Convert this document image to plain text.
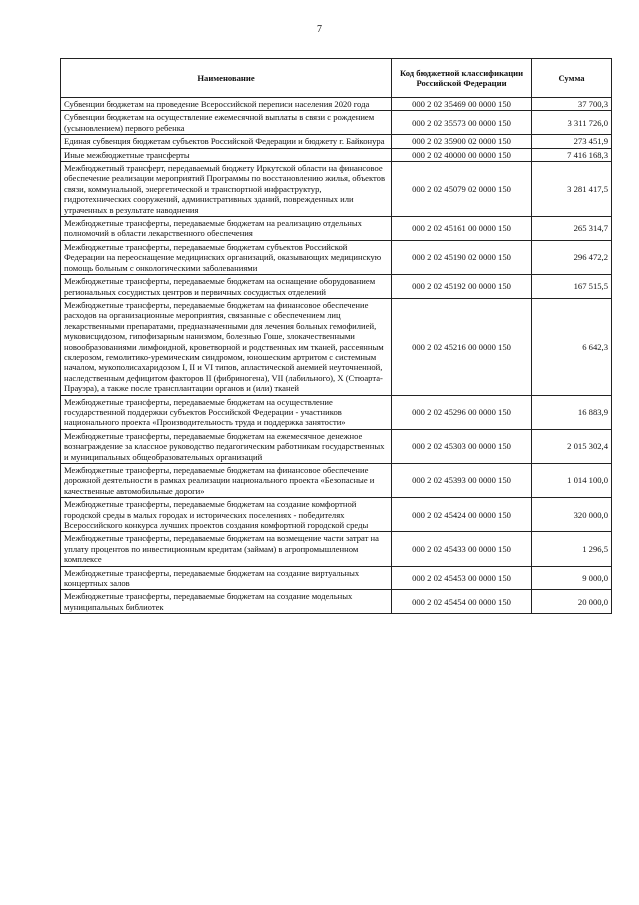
7
Наименование	Код бюджетной классификации Российской Федерации	Сумма
Субвенции бюджетам на проведение Всероссийской переписи населения 2020 года	000 2 02 35469 00 0000 150	37 700,3
Субвенции бюджетам на осуществление ежемесячной выплаты в связи с рождением (усыновлением) первого ребенка	000 2 02 35573 00 0000 150	3 311 726,0
Единая субвенция бюджетам субъектов Российской Федерации и бюджету г. Байконура	000 2 02 35900 02 0000 150	273 451,9
Иные межбюджетные трансферты	000 2 02 40000 00 0000 150	7 416 168,3
Межбюджетный трансферт, передаваемый бюджету Иркутской области на финансовое обеспечение реализации мероприятий Программы по восстановлению жилья, объектов связи, коммунальной, энергетической и транспортной инфраструктур, гидротехнических сооружений, административных зданий, поврежденных или утраченных в результате наводнения	000 2 02 45079 02 0000 150	3 281 417,5
Межбюджетные трансферты, передаваемые бюджетам на реализацию отдельных полномочий в области лекарственного обеспечения	000 2 02 45161 00 0000 150	265 314,7
Межбюджетные трансферты, передаваемые бюджетам субъектов Российской Федерации на переоснащение медицинских организаций, оказывающих медицинскую помощь больным с онкологическими заболеваниями	000 2 02 45190 02 0000 150	296 472,2
Межбюджетные трансферты, передаваемые бюджетам на оснащение оборудованием региональных сосудистых центров и первичных сосудистых отделений	000 2 02 45192 00 0000 150	167 515,5
Межбюджетные трансферты, передаваемые бюджетам на финансовое обеспечение расходов на организационные мероприятия, связанные с обеспечением лиц лекарственными препаратами, предназначенными для лечения больных гемофилией, муковисцидозом, гипофизарным нанизмом, болезнью Гоше, злокачественными новообразованиями лимфоидной, кроветворной и родственных им тканей, рассеянным склерозом, гемолитико-уремическим синдромом, юношеским артритом с системным началом, мукополисахаридозом I, II и VI типов, апластической анемией неуточненной, наследственным дефицитом факторов II (фибриногена), VII (лабильного), X (Стюарта-Прауэра), а также после трансплантации органов и (или) тканей	000 2 02 45216 00 0000 150	6 642,3
Межбюджетные трансферты, передаваемые бюджетам на осуществление государственной поддержки субъектов Российской Федерации - участников национального проекта «Производительность труда и поддержка занятости»	000 2 02 45296 00 0000 150	16 883,9
Межбюджетные трансферты, передаваемые бюджетам на ежемесячное денежное вознаграждение за классное руководство педагогическим работникам государственных и муниципальных общеобразовательных организаций	000 2 02 45303 00 0000 150	2 015 302,4
Межбюджетные трансферты, передаваемые бюджетам на финансовое обеспечение дорожной деятельности в рамках реализации национального проекта «Безопасные и качественные автомобильные дороги»	000 2 02 45393 00 0000 150	1 014 100,0
Межбюджетные трансферты, передаваемые бюджетам на создание комфортной городской среды в малых городах и исторических поселениях - победителях Всероссийского конкурса лучших проектов создания комфортной городской среды	000 2 02 45424 00 0000 150	320 000,0
Межбюджетные трансферты, передаваемые бюджетам на возмещение части затрат на уплату процентов по инвестиционным кредитам (займам) в агропромышленном комплексе	000 2 02 45433 00 0000 150	1 296,5
Межбюджетные трансферты, передаваемые бюджетам на создание виртуальных концертных залов	000 2 02 45453 00 0000 150	9 000,0
Межбюджетные трансферты, передаваемые бюджетам на создание модельных муниципальных библиотек	000 2 02 45454 00 0000 150	20 000,0
